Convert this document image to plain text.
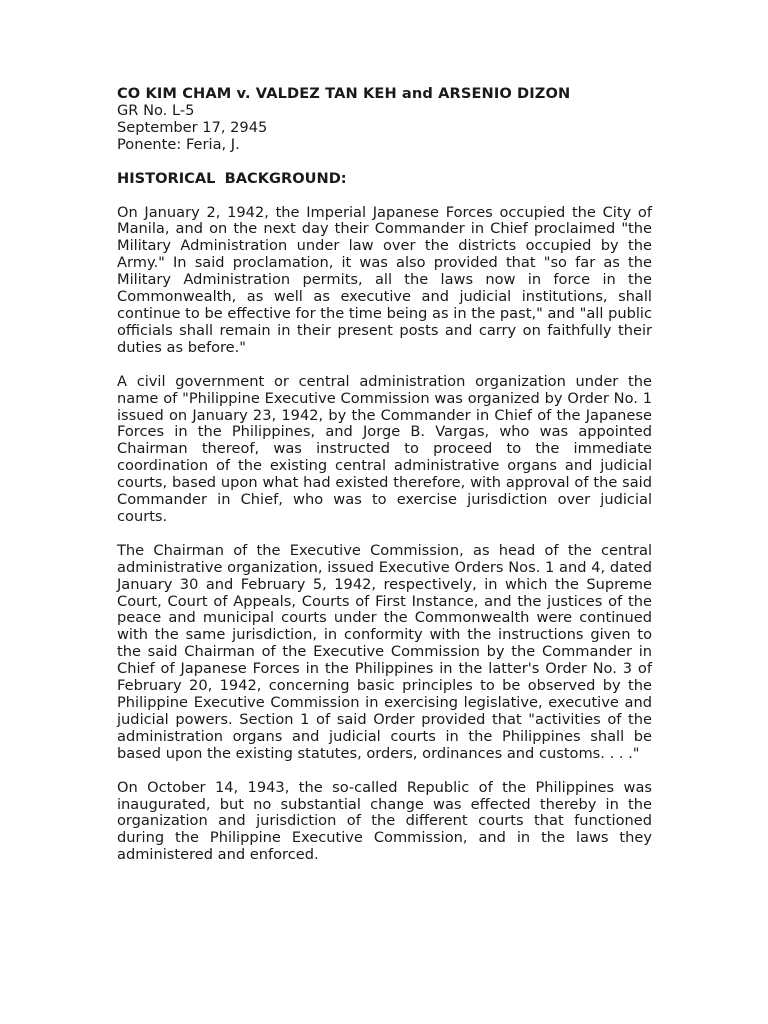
CO KIM CHAM v. VALDEZ TAN KEH and ARSENIO DIZON

GR No. L-5

September 17, 2945

Ponente: Feria, J.

HISTORICAL BACKGROUND:

On January 2, 1942, the Imperial Japanese Forces occupied the City of Manila, and on the next day their Commander in Chief proclaimed "the Military Administration under law over the districts occupied by the Army." In said proclamation, it was also provided that "so far as the Military Administration permits, all the laws now in force in the Commonwealth, as well as executive and judicial institutions, shall continue to be effective for the time being as in the past," and "all public officials shall remain in their present posts and carry on faithfully their duties as before."

A civil government or central administration organization under the name of "Philippine Executive Commission was organized by Order No. 1 issued on January 23, 1942, by the Commander in Chief of the Japanese Forces in the Philippines, and Jorge B. Vargas, who was appointed Chairman thereof, was instructed to proceed to the immediate coordination of the existing central administrative organs and judicial courts, based upon what had existed therefore, with approval of the said Commander in Chief, who was to exercise jurisdiction over judicial courts.

The Chairman of the Executive Commission, as head of the central administrative organization, issued Executive Orders Nos. 1 and 4, dated January 30 and February 5, 1942, respectively, in which the Supreme Court, Court of Appeals, Courts of First Instance, and the justices of the peace and municipal courts under the Commonwealth were continued with the same jurisdiction, in conformity with the instructions given to the said Chairman of the Executive Commission by the Commander in Chief of Japanese Forces in the Philippines in the latter's Order No. 3 of February 20, 1942, concerning basic principles to be observed by the Philippine Executive Commission in exercising legislative, executive and judicial powers. Section 1 of said Order provided that "activities of the administration organs and judicial courts in the Philippines shall be based upon the existing statutes, orders, ordinances and customs. . . ."

On October 14, 1943, the so-called Republic of the Philippines was inaugurated, but no substantial change was effected thereby in the organization and jurisdiction of the different courts that functioned during the Philippine Executive Commission, and in the laws they administered and enforced.
